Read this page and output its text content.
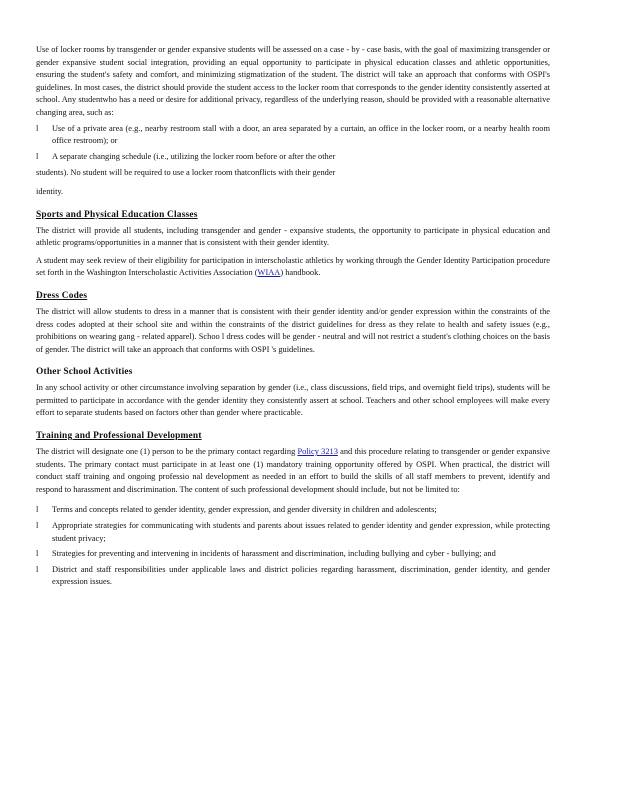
Use of locker rooms by transgender or gender expansive students will be assessed on a case - by - case basis, with the goal of maximizing transgender or gender expansive student social integration, providing an equal opportunity to participate in physical education classes and athletic opportunities, ensuring the student's safety and comfort, and minimizing stigmatization of the student. The district will take an approach that conforms with OSPI's guidelines. In most cases, the district should provide the student access to the locker room that corresponds to the gender identity consistently asserted at school. Any studentwho has a need or desire for additional privacy, regardless of the underlying reason, should be provided with a reasonable alternative changing area, such as:

l	Use of a private area (e.g., nearby restroom stall with a door, an area separated by a curtain, an office in the locker room, or a nearby health room office restroom); or
l	A separate changing schedule (i.e., utilizing the locker room before or after the other

students). No student will be required to use a locker room thatconflicts with their gender

identity.

Sports and Physical Education Classes

The district will provide all students, including transgender and gender - expansive students, the opportunity to participate in physical education and athletic programs/opportunities in a manner that is consistent with their gender identity.

A student may seek review of their eligibility for participation in interscholastic athletics by working through the Gender Identity Participation procedure set forth in the Washington Interscholastic Activities Association (WIAA) handbook.

Dress Codes

The district will allow students to dress in a manner that is consistent with their gender identity and/or gender expression within the constraints of the dress codes adopted at their school site and within the constraints of the district guidelines for dress as they relate to health and safety issues (e.g., prohibitions on wearing gang - related apparel). Schoo l dress codes will be gender - neutral and will not restrict a student's clothing choices on the basis of gender. The district will take an approach that conforms with OSPI 's guidelines.

Other School Activities

In any school activity or other circumstance involving separation by gender (i.e., class discussions, field trips, and overnight field trips), students will be permitted to participate in accordance with the gender identity they consistently assert at school. Teachers and other school employees will make every effort to separate students based on factors other than gender where practicable.

Training and Professional Development

The district will designate one (1) person to be the primary contact regarding Policy 3213 and this procedure relating to transgender or gender expansive students. The primary contact must participate in at least one (1) mandatory training opportunity offered by OSPI. When practical, the district will conduct staff training and ongoing professio nal development as needed in an effort to build the skills of all staff members to prevent, identify and respond to harassment and discrimination. The content of such professional development should include, but not be limited to:

l	Terms and concepts related to gender identity, gender expression, and gender diversity in children and adolescents;
l	Appropriate strategies for communicating with students and parents about issues related to gender identity and gender expression, while protecting student privacy;
l	Strategies for preventing and intervening in incidents of harassment and discrimination, including bullying and cyber - bullying; and
l	District and staff responsibilities under applicable laws and district policies regarding harassment, discrimination, gender identity, and gender expression issues.
